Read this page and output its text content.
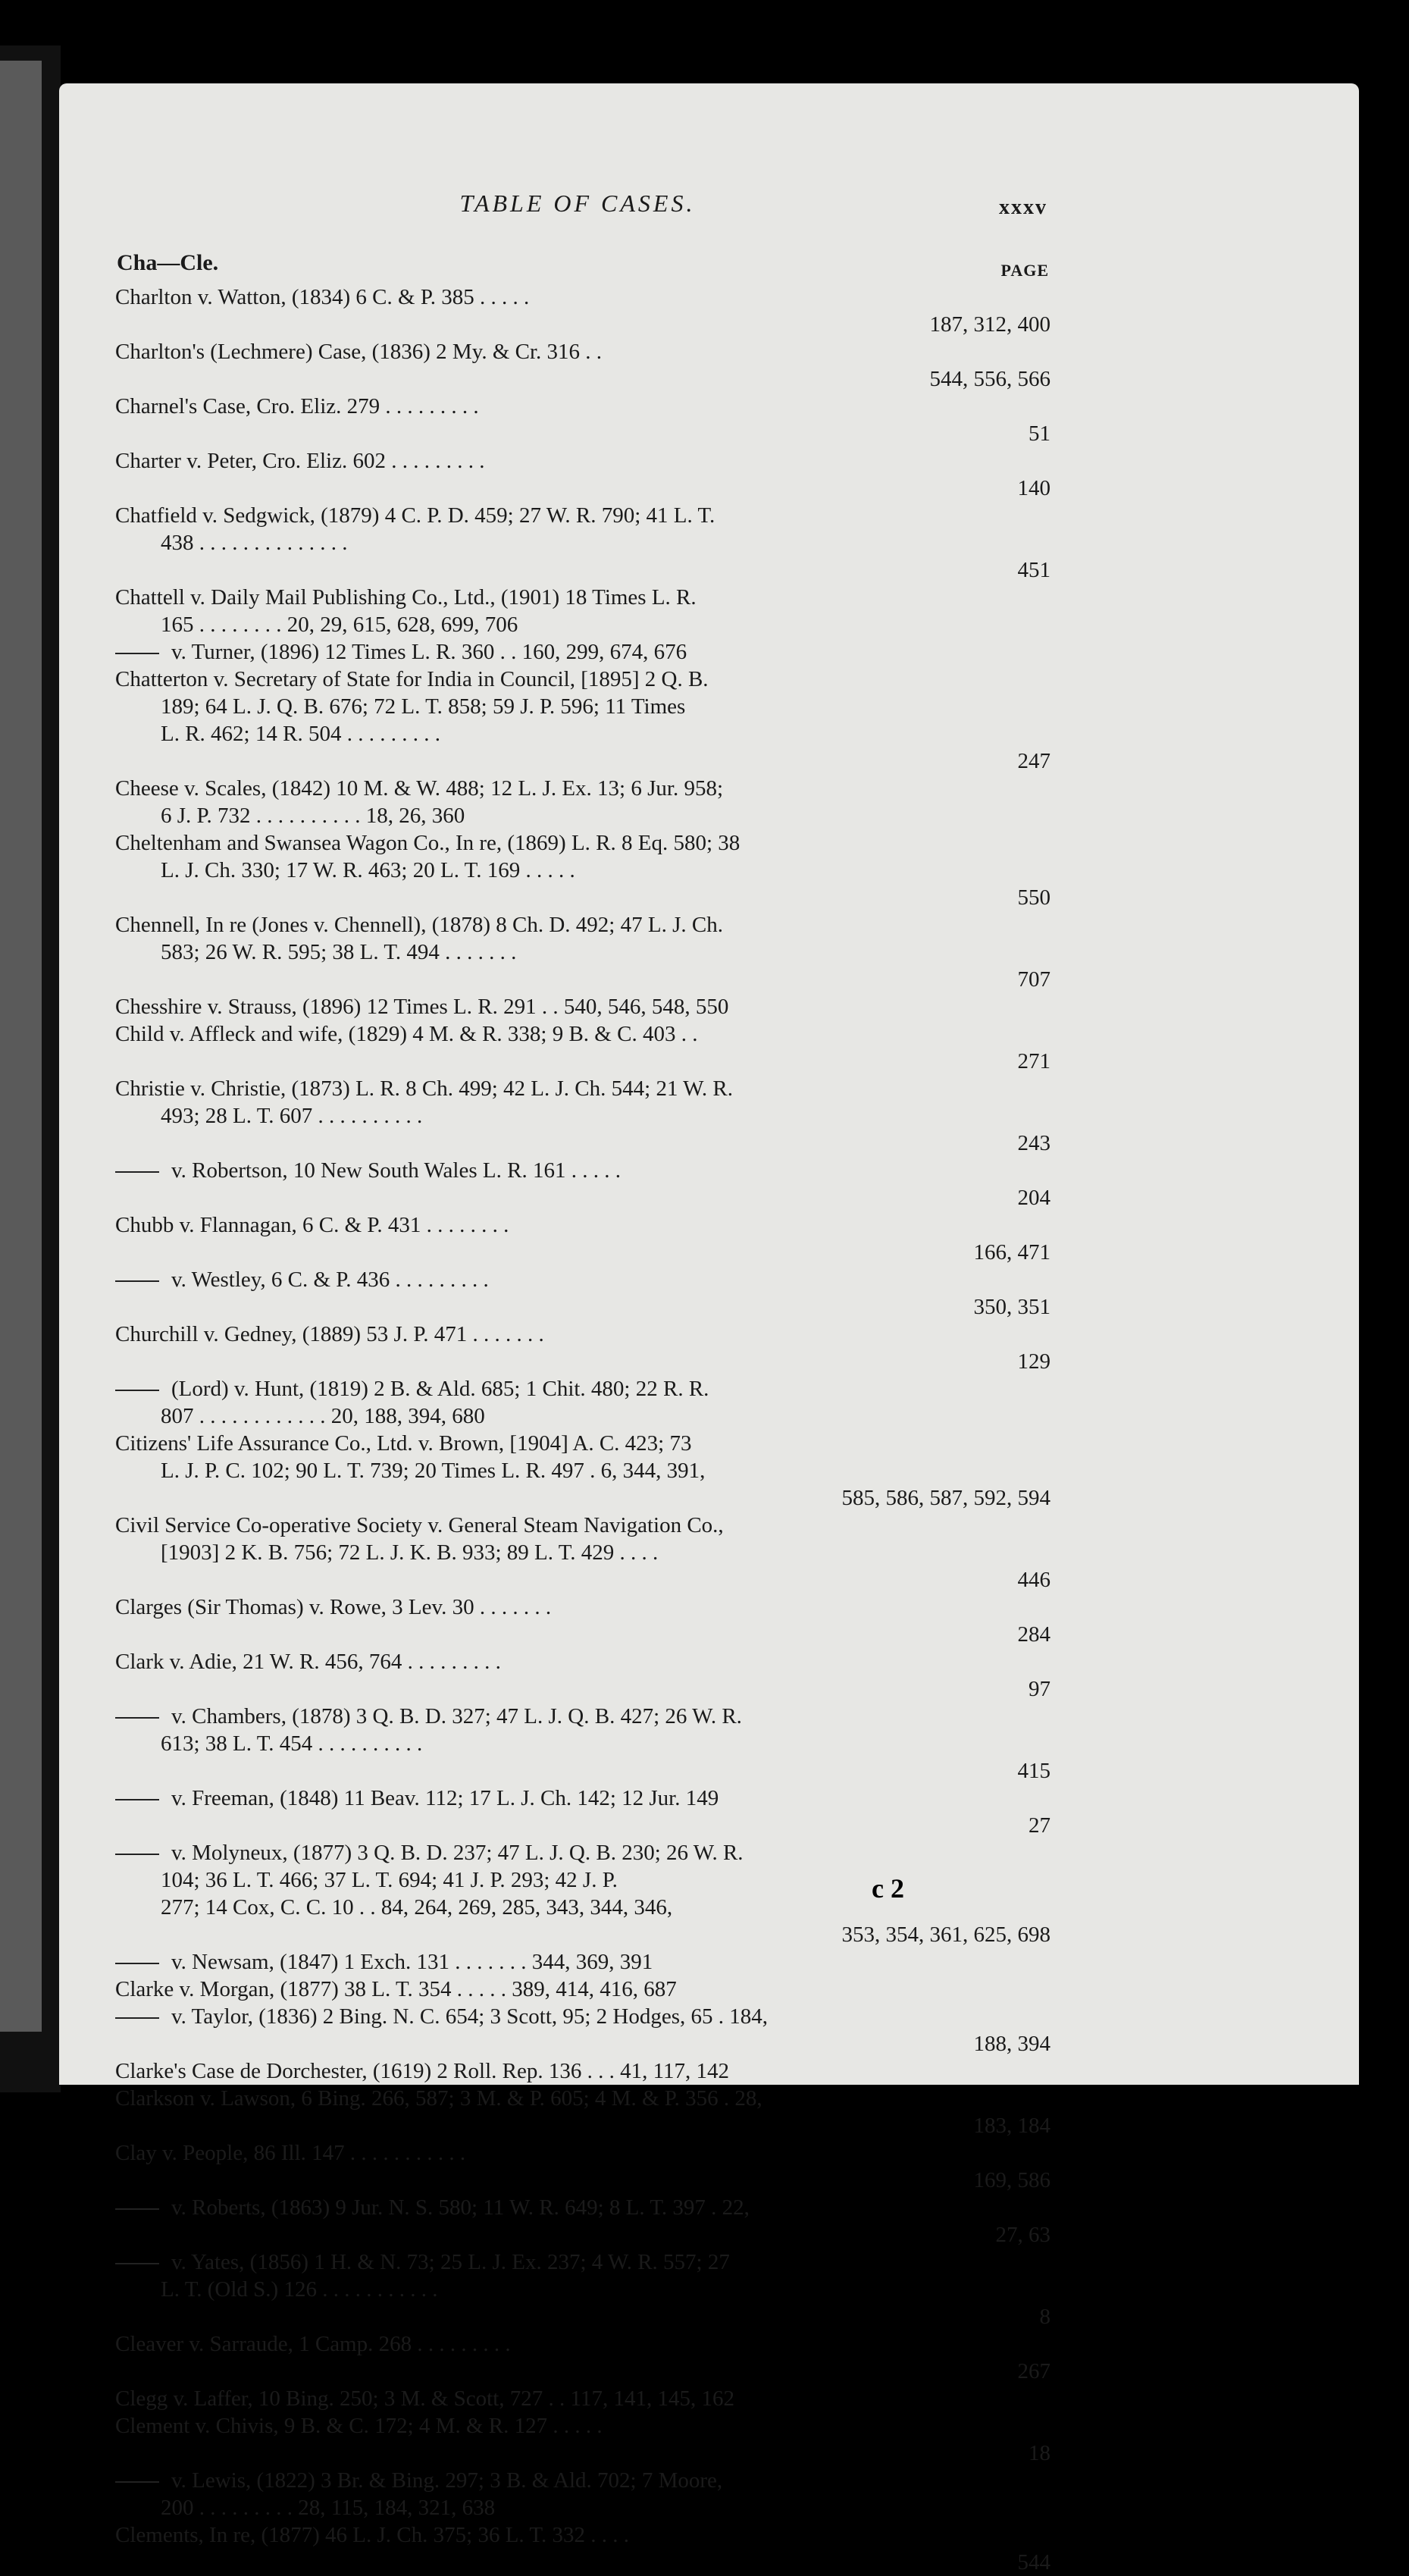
TABLE OF CASES.	xxxv
Cha—Cle.	PAGE
Charlton v. Watton, (1834) 6 C. & P. 385 . . . . .
187, 312, 400
Charlton's (Lechmere) Case, (1836) 2 My. & Cr. 316 . .
544, 556, 566
Charnel's Case, Cro. Eliz. 279 . . . . . . . . .
51
Charter v. Peter, Cro. Eliz. 602 . . . . . . . . .
140
Chatfield v. Sedgwick, (1879) 4 C. P. D. 459; 27 W. R. 790; 41 L. T.
438 . . . . . . . . . . . . . .
451
Chattell v. Daily Mail Publishing Co., Ltd., (1901) 18 Times L. R.
165 . . . . . . . . 20, 29, 615, 628, 699, 706
v. Turner, (1896) 12 Times L. R. 360 . . 160, 299, 674, 676
Chatterton v. Secretary of State for India in Council, [1895] 2 Q. B.
189; 64 L. J. Q. B. 676; 72 L. T. 858; 59 J. P. 596; 11 Times
L. R. 462; 14 R. 504 . . . . . . . . .
247
Cheese v. Scales, (1842) 10 M. & W. 488; 12 L. J. Ex. 13; 6 Jur. 958;
6 J. P. 732 . . . . . . . . . . 18, 26, 360
Cheltenham and Swansea Wagon Co., In re, (1869) L. R. 8 Eq. 580; 38
L. J. Ch. 330; 17 W. R. 463; 20 L. T. 169 . . . . .
550
Chennell, In re (Jones v. Chennell), (1878) 8 Ch. D. 492; 47 L. J. Ch.
583; 26 W. R. 595; 38 L. T. 494 . . . . . . .
707
Chesshire v. Strauss, (1896) 12 Times L. R. 291 . . 540, 546, 548, 550
Child v. Affleck and wife, (1829) 4 M. & R. 338; 9 B. & C. 403 . .
271
Christie v. Christie, (1873) L. R. 8 Ch. 499; 42 L. J. Ch. 544; 21 W. R.
493; 28 L. T. 607 . . . . . . . . . .
243
v. Robertson, 10 New South Wales L. R. 161 . . . . .
204
Chubb v. Flannagan, 6 C. & P. 431 . . . . . . . .
166, 471
v. Westley, 6 C. & P. 436 . . . . . . . . .
350, 351
Churchill v. Gedney, (1889) 53 J. P. 471 . . . . . . .
129
(Lord) v. Hunt, (1819) 2 B. & Ald. 685; 1 Chit. 480; 22 R. R.
807 . . . . . . . . . . . . 20, 188, 394, 680
Citizens' Life Assurance Co., Ltd. v. Brown, [1904] A. C. 423; 73
L. J. P. C. 102; 90 L. T. 739; 20 Times L. R. 497 . 6, 344, 391,
585, 586, 587, 592, 594
Civil Service Co-operative Society v. General Steam Navigation Co.,
[1903] 2 K. B. 756; 72 L. J. K. B. 933; 89 L. T. 429 . . . .
446
Clarges (Sir Thomas) v. Rowe, 3 Lev. 30 . . . . . . .
284
Clark v. Adie, 21 W. R. 456, 764 . . . . . . . . .
97
v. Chambers, (1878) 3 Q. B. D. 327; 47 L. J. Q. B. 427; 26 W. R.
613; 38 L. T. 454 . . . . . . . . . .
415
v. Freeman, (1848) 11 Beav. 112; 17 L. J. Ch. 142; 12 Jur. 149
27
v. Molyneux, (1877) 3 Q. B. D. 237; 47 L. J. Q. B. 230; 26 W. R.
104; 36 L. T. 466; 37 L. T. 694; 41 J. P. 293; 42 J. P.
277; 14 Cox, C. C. 10 . . 84, 264, 269, 285, 343, 344, 346,
353, 354, 361, 625, 698
v. Newsam, (1847) 1 Exch. 131 . . . . . . . 344, 369, 391
Clarke v. Morgan, (1877) 38 L. T. 354 . . . . . 389, 414, 416, 687
v. Taylor, (1836) 2 Bing. N. C. 654; 3 Scott, 95; 2 Hodges, 65 . 184,
188, 394
Clarke's Case de Dorchester, (1619) 2 Roll. Rep. 136 . . . 41, 117, 142
Clarkson v. Lawson, 6 Bing. 266, 587; 3 M. & P. 605; 4 M. & P. 356 . 28,
183, 184
Clay v. People, 86 Ill. 147 . . . . . . . . . . .
169, 586
v. Roberts, (1863) 9 Jur. N. S. 580; 11 W. R. 649; 8 L. T. 397 . 22,
27, 63
v. Yates, (1856) 1 H. & N. 73; 25 L. J. Ex. 237; 4 W. R. 557; 27
L. T. (Old S.) 126 . . . . . . . . . . .
8
Cleaver v. Sarraude, 1 Camp. 268 . . . . . . . . .
267
Clegg v. Laffer, 10 Bing. 250; 3 M. & Scott, 727 . . 117, 141, 145, 162
Clement v. Chivis, 9 B. & C. 172; 4 M. & R. 127 . . . . .
18
v. Lewis, (1822) 3 Br. & Bing. 297; 3 B. & Ald. 702; 7 Moore,
200 . . . . . . . . . 28, 115, 184, 321, 638
Clements, In re, (1877) 46 L. J. Ch. 375; 36 L. T. 332 . . . .
544
c 2
